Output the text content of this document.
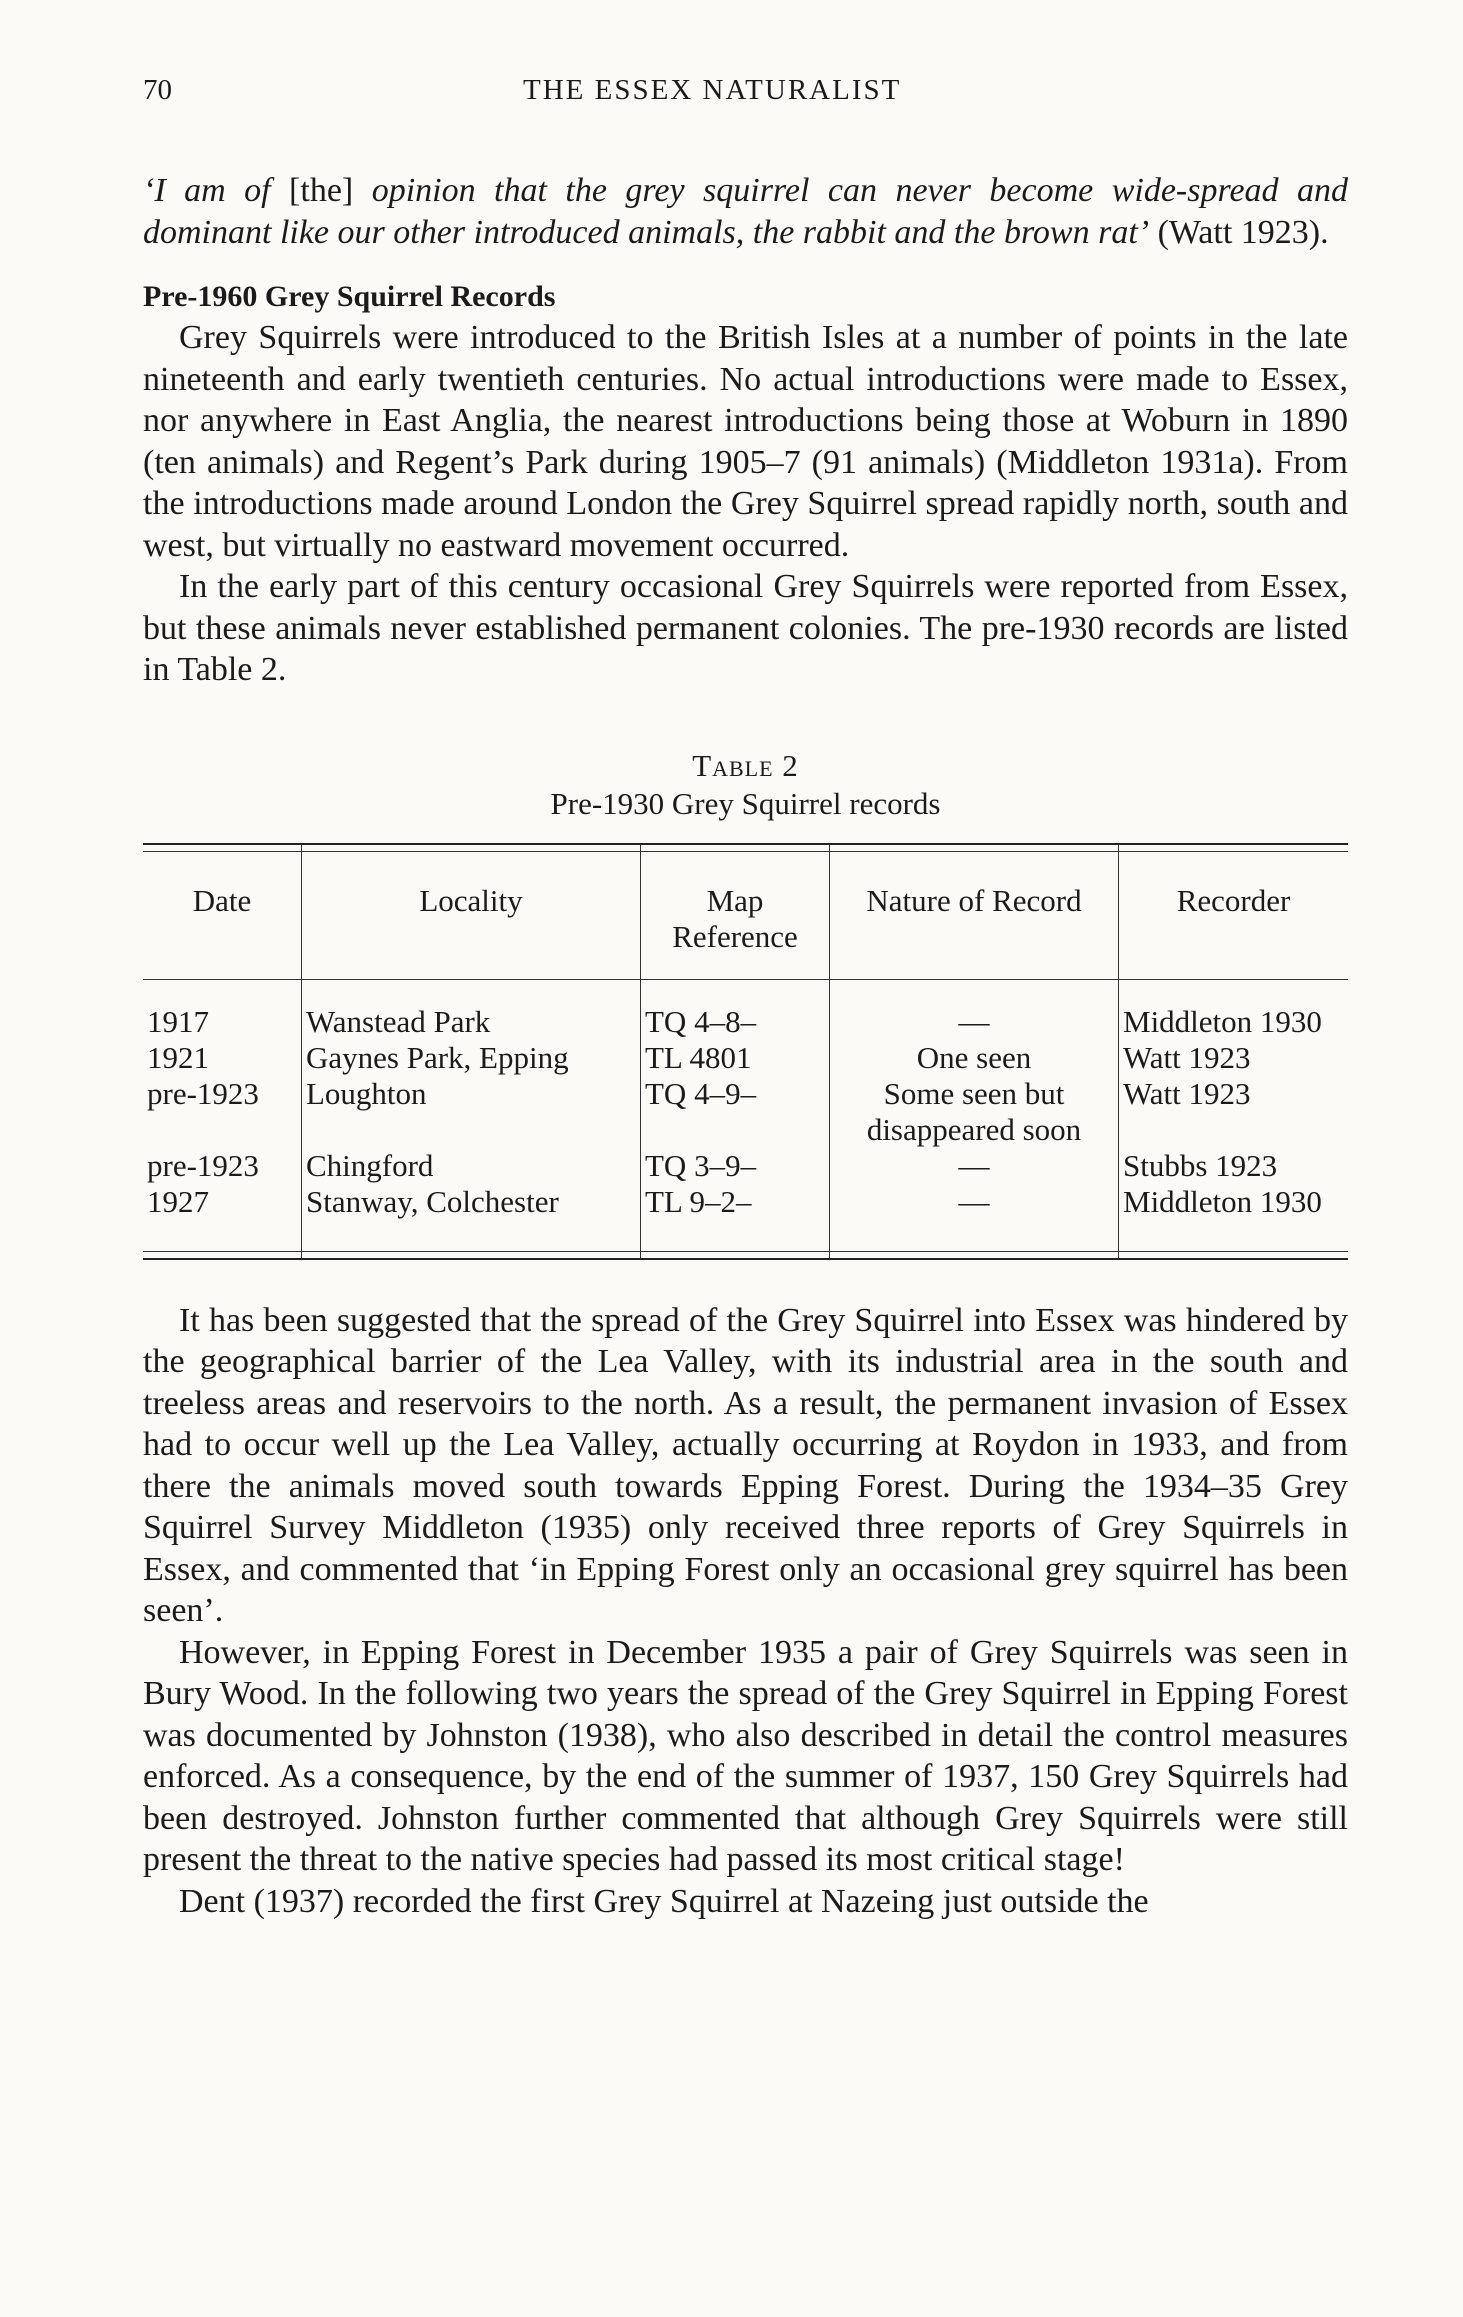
70	THE ESSEX NATURALIST

‘I am of [the] opinion that the grey squirrel can never become wide-spread and dominant like our other introduced animals, the rabbit and the brown rat’ (Watt 1923).

Pre-1960 Grey Squirrel Records

Grey Squirrels were introduced to the British Isles at a number of points in the late nineteenth and early twentieth centuries. No actual introductions were made to Essex, nor anywhere in East Anglia, the nearest introductions being those at Woburn in 1890 (ten animals) and Regent’s Park during 1905–7 (91 animals) (Middleton 1931a). From the introductions made around London the Grey Squirrel spread rapidly north, south and west, but virtually no eastward movement occurred.

In the early part of this century occasional Grey Squirrels were reported from Essex, but these animals never established permanent colonies. The pre-1930 records are listed in Table 2.

Table 2
Pre-1930 Grey Squirrel records
Date	Locality	Map Reference	Nature of Record	Recorder
1917	Wanstead Park	TQ 4–8–	—	Middleton 1930
1921	Gaynes Park, Epping	TL 4801	One seen	Watt 1923
pre-1923	Loughton	TQ 4–9–	Some seen but disappeared soon	Watt 1923
pre-1923	Chingford	TQ 3–9–	—	Stubbs 1923
1927	Stanway, Colchester	TL 9–2–	—	Middleton 1930

It has been suggested that the spread of the Grey Squirrel into Essex was hindered by the geographical barrier of the Lea Valley, with its industrial area in the south and treeless areas and reservoirs to the north. As a result, the permanent invasion of Essex had to occur well up the Lea Valley, actually occurring at Roydon in 1933, and from there the animals moved south towards Epping Forest. During the 1934–35 Grey Squirrel Survey Middleton (1935) only received three reports of Grey Squirrels in Essex, and commented that ‘in Epping Forest only an occasional grey squirrel has been seen’.

However, in Epping Forest in December 1935 a pair of Grey Squirrels was seen in Bury Wood. In the following two years the spread of the Grey Squirrel in Epping Forest was documented by Johnston (1938), who also described in detail the control measures enforced. As a consequence, by the end of the summer of 1937, 150 Grey Squirrels had been destroyed. Johnston further commented that although Grey Squirrels were still present the threat to the native species had passed its most critical stage!

Dent (1937) recorded the first Grey Squirrel at Nazeing just outside the
